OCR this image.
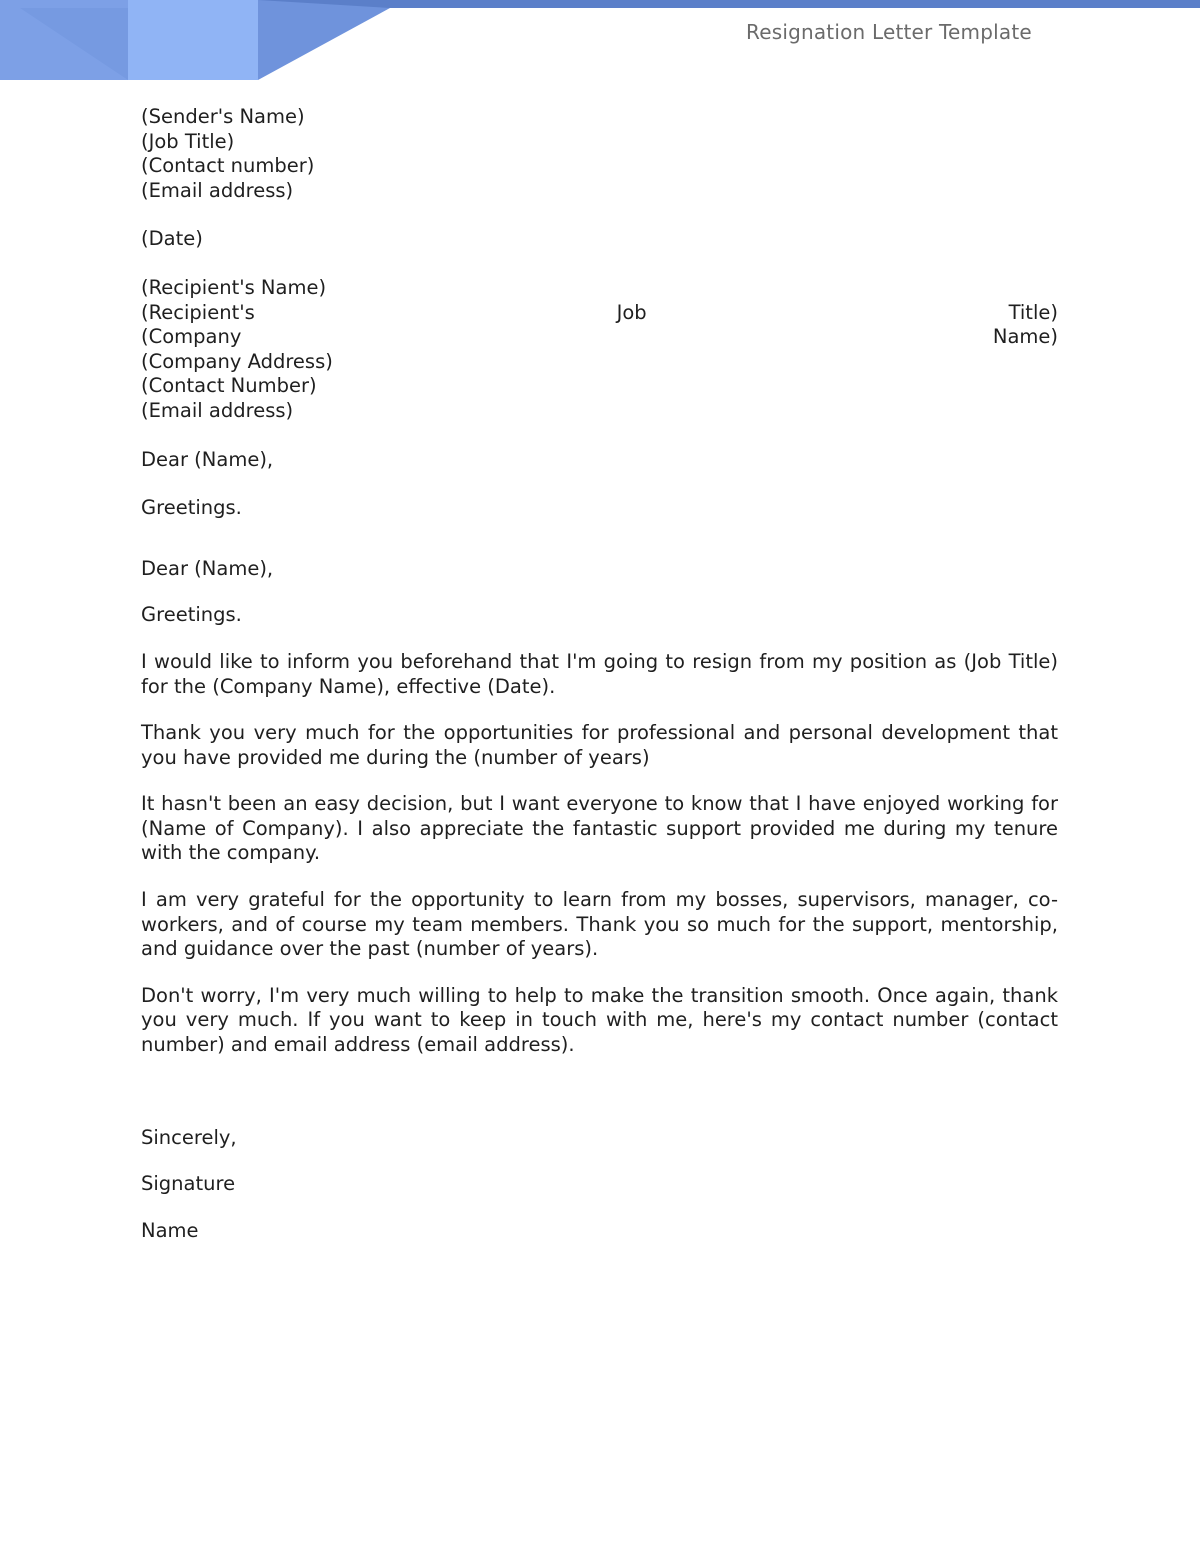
Resignation Letter Template
(Sender's Name)
(Job Title)
(Contact number)
(Email address)
(Date)
(Recipient's Name)
(Recipient's	Job	Title)
(Company	Name)
(Company Address)
(Contact Number)
(Email address)
Dear (Name),
Greetings.
Dear (Name),
Greetings.

I would like to inform you beforehand that I'm going to resign from my position as (Job Title) for the (Company Name), effective (Date).

Thank you very much for the opportunities for professional and personal development that you have provided me during the (number of years)

It hasn't been an easy decision, but I want everyone to know that I have enjoyed working for (Name of Company). I also appreciate the fantastic support provided me during my tenure with the company.

I am very grateful for the opportunity to learn from my bosses, supervisors, manager, co-workers, and of course my team members. Thank you so much for the support, mentorship, and guidance over the past (number of years).

Don't worry, I'm very much willing to help to make the transition smooth. Once again, thank you very much. If you want to keep in touch with me, here's my contact number (contact number) and email address (email address).

Sincerely,
Signature
Name
